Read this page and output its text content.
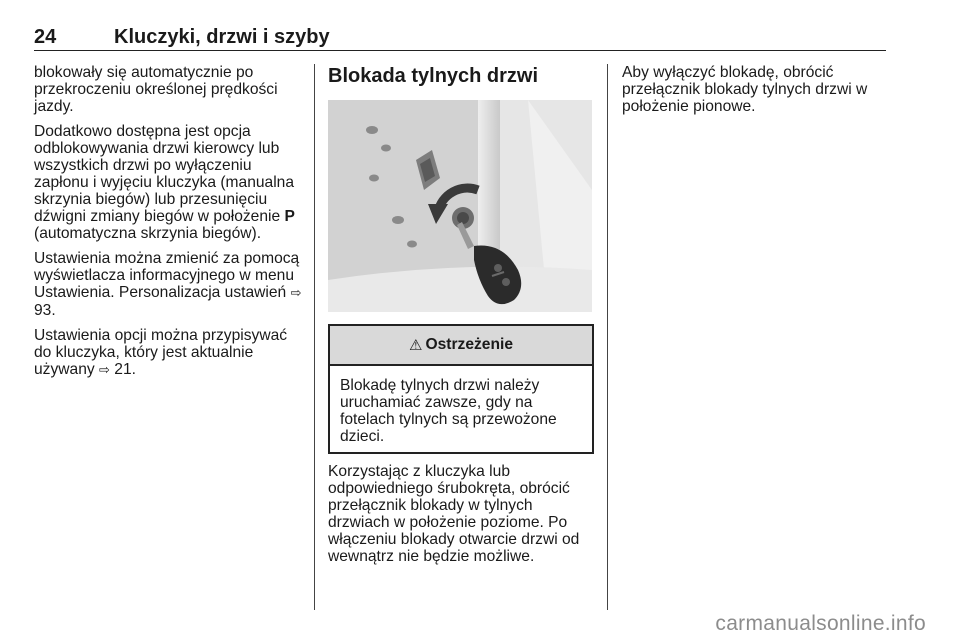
24	Kluczyki, drzwi i szyby

blokowały się automatycznie po przekroczeniu określonej prędkości jazdy.

Dodatkowo dostępna jest opcja odblokowywania drzwi kierowcy lub wszystkich drzwi po wyłączeniu zapłonu i wyjęciu kluczyka (manualna skrzynia biegów) lub przesunięciu dźwigni zmiany biegów w położenie P (automatyczna skrzynia biegów).

Ustawienia można zmienić za pomocą wyświetlacza informacyjnego w menu Ustawienia. Personalizacja ustawień ⇨ 93.

Ustawienia opcji można przypisywać do kluczyka, który jest aktualnie używany ⇨ 21.

Blokada tylnych drzwi
⚠ Ostrzeżenie
Blokadę tylnych drzwi należy uruchamiać zawsze, gdy na fotelach tylnych są przewożone dzieci.
Korzystając z kluczyka lub odpowiedniego śrubokręta, obrócić przełącznik blokady w tylnych drzwiach w położenie poziome. Po włączeniu blokady otwarcie drzwi od wewnątrz nie będzie możliwe.

Aby wyłączyć blokadę, obrócić przełącznik blokady tylnych drzwi w położenie pionowe.

carmanualsonline.info
